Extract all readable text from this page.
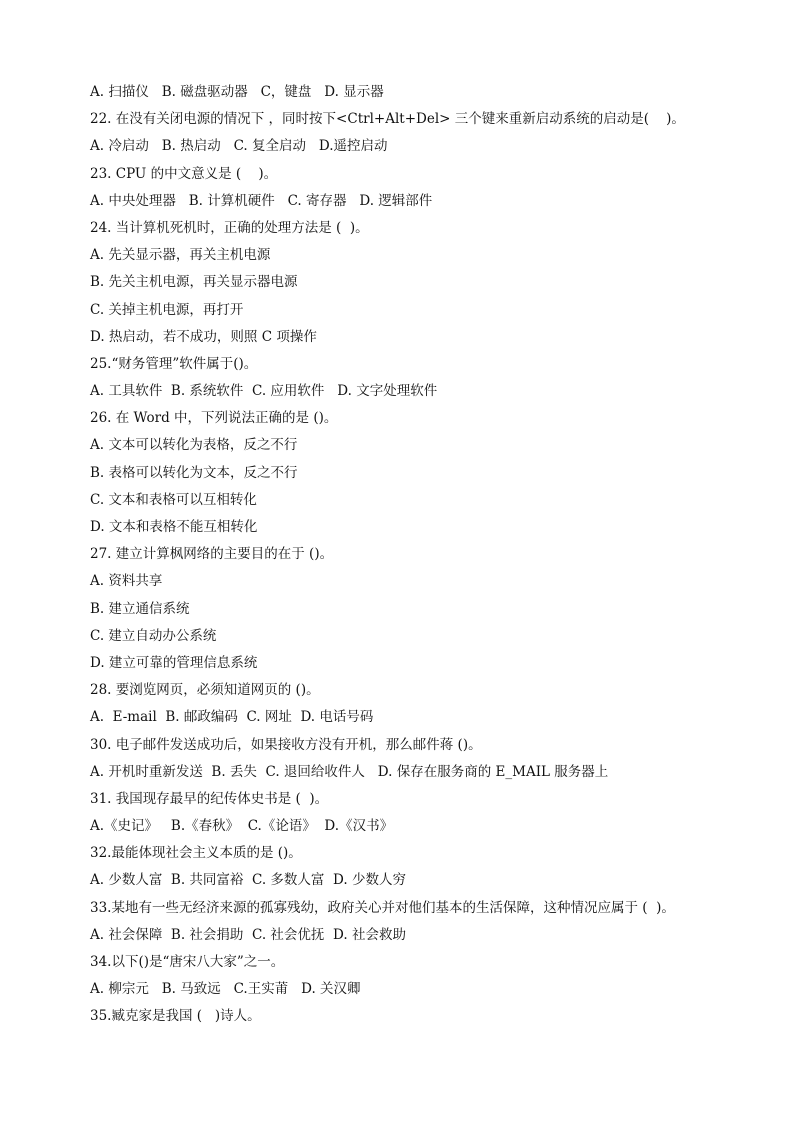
A. 扫描仪   B. 磁盘驱动器   C，键盘   D. 显示器
22. 在没有关闭电源的情况下 ，同时按下<Ctrl+Alt+Del> 三个键来重新启动系统的启动是(    )。
A. 冷启动   B. 热启动   C. 复全启动   D.遥控启动
23. CPU 的中文意义是 (    )。
A. 中央处理器   B. 计算机硬件   C. 寄存器   D. 逻辑部件
24. 当计算机死机时，正确的处理方法是 (  )。
A. 先关显示器，再关主机电源
B. 先关主机电源，再关显示器电源
C. 关掉主机电源，再打开
D. 热启动，若不成功，则照 C 项操作
25.“财务管理”软件属于()。
A. 工具软件  B. 系统软件  C. 应用软件   D. 文字处理软件
26. 在 Word 中，下列说法正确的是 ()。
A. 文本可以转化为表格，反之不行
B. 表格可以转化为文本，反之不行
C. 文本和表格可以互相转化
D. 文本和表格不能互相转化
27. 建立计算枫网络的主要目的在于 ()。
A. 资料共享
B. 建立通信系统
C. 建立自动办公系统
D. 建立可靠的管理信息系统
28. 要浏览网页，必须知道网页的 ()。
A.  E-mail  B. 邮政编码  C. 网址  D. 电话号码
30. 电子邮件发送成功后，如果接收方没有开机，那么邮件蒋 ()。
A. 开机时重新发送  B. 丢失  C. 退回给收件人   D. 保存在服务商的 E_MAIL 服务器上
31. 我国现存最早的纪传体史书是 (  )。
A.《史记》   B.《春秋》  C.《论语》  D.《汉书》
32.最能体现社会主义本质的是 ()。
A. 少数人富  B. 共同富裕  C. 多数人富  D. 少数人穷
33.某地有一些无经济来源的孤寡残幼，政府关心并对他们基本的生活保障，这种情况应属于 (  )。
A. 社会保障  B. 社会捐助  C. 社会优抚  D. 社会救助
34.以下()是“唐宋八大家”之一。
A. 柳宗元   B. 马致远   C.王实莆   D. 关汉卿
35.臧克家是我国 (   )诗人。
